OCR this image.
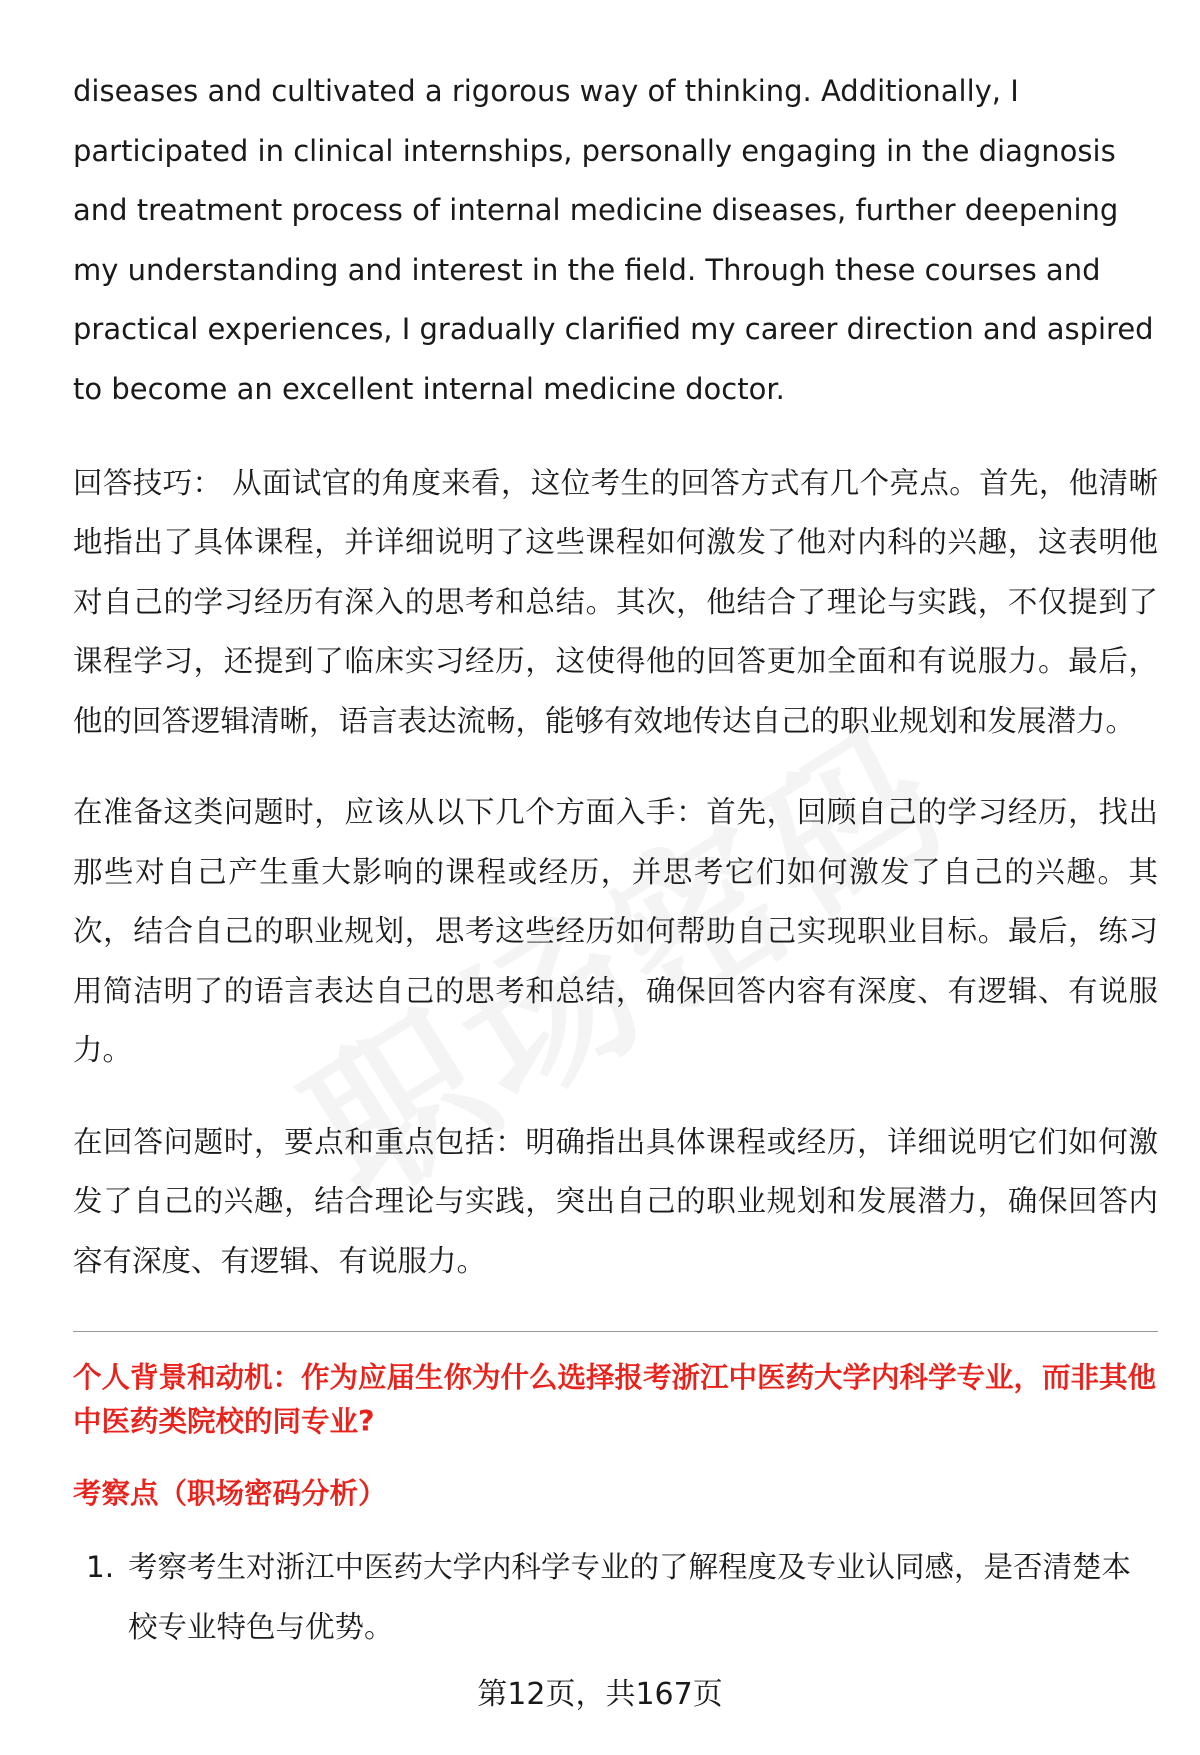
diseases and cultivated a rigorous way of thinking. Additionally, I participated in clinical internships, personally engaging in the diagnosis and treatment process of internal medicine diseases, further deepening my understanding and interest in the field. Through these courses and practical experiences, I gradually clarified my career direction and aspired to become an excellent internal medicine doctor.

回答技巧： 从面试官的角度来看，这位考生的回答方式有几个亮点。首先，他清晰地指出了具体课程，并详细说明了这些课程如何激发了他对内科的兴趣，这表明他对自己的学习经历有深入的思考和总结。其次，他结合了理论与实践，不仅提到了课程学习，还提到了临床实习经历，这使得他的回答更加全面和有说服力。最后，他的回答逻辑清晰，语言表达流畅，能够有效地传达自己的职业规划和发展潜力。

在准备这类问题时，应该从以下几个方面入手：首先，回顾自己的学习经历，找出那些对自己产生重大影响的课程或经历，并思考它们如何激发了自己的兴趣。其次，结合自己的职业规划，思考这些经历如何帮助自己实现职业目标。最后，练习用简洁明了的语言表达自己的思考和总结，确保回答内容有深度、有逻辑、有说服力。

在回答问题时，要点和重点包括：明确指出具体课程或经历，详细说明它们如何激发了自己的兴趣，结合理论与实践，突出自己的职业规划和发展潜力，确保回答内容有深度、有逻辑、有说服力。

个人背景和动机：作为应届生你为什么选择报考浙江中医药大学内科学专业，而非其他中医药类院校的同专业?
考察点（职场密码分析）
1. 考察考生对浙江中医药大学内科学专业的了解程度及专业认同感，是否清楚本校专业特色与优势。
第12页，共167页
